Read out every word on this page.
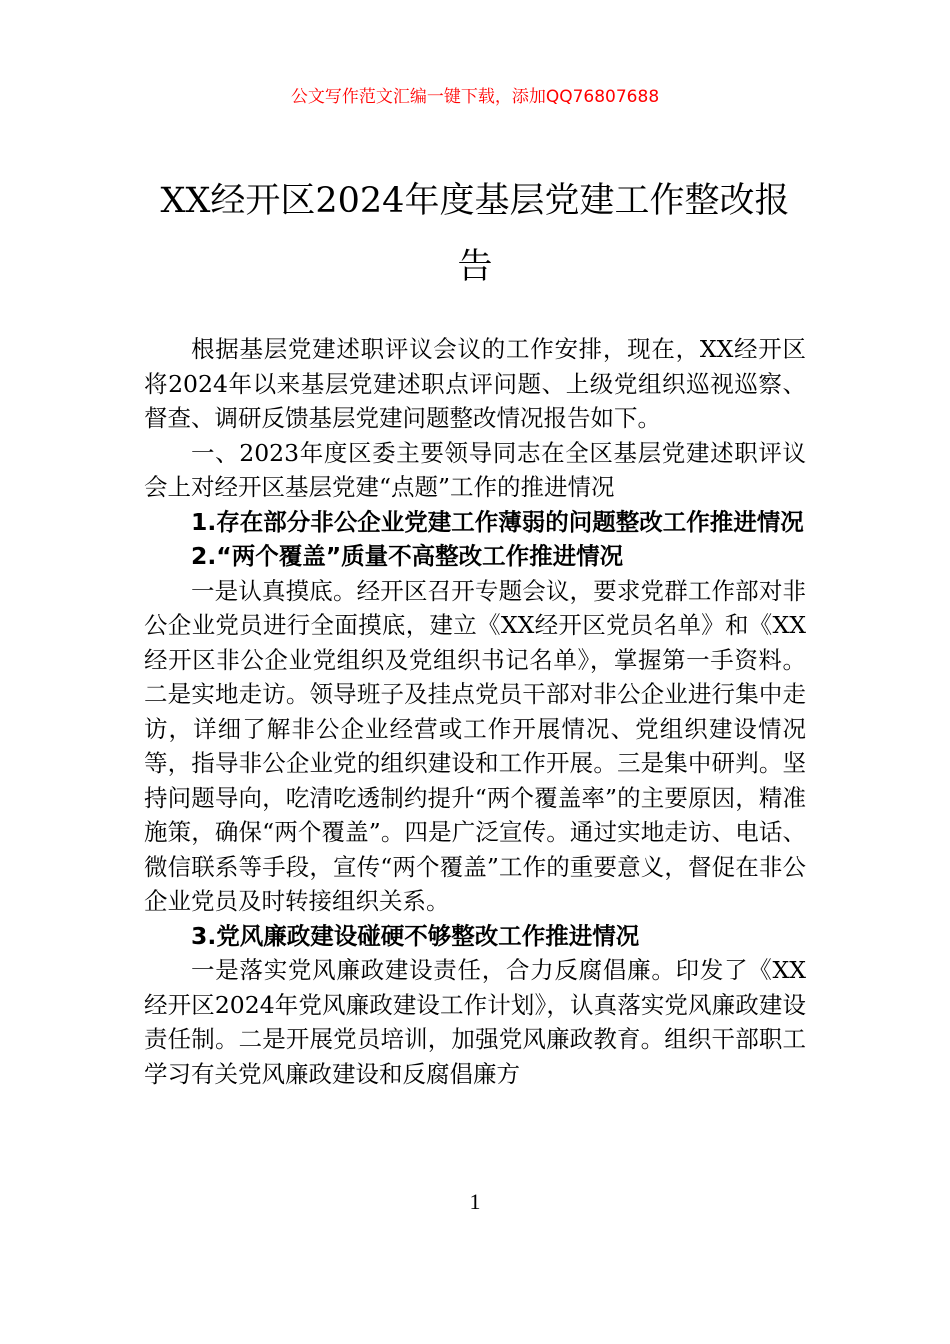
公文写作范文汇编一键下载，添加QQ76807688
XX经开区2024年度基层党建工作整改报告

根据基层党建述职评议会议的工作安排，现在，XX经开区将2024年以来基层党建述职点评问题、上级党组织巡视巡察、督查、调研反馈基层党建问题整改情况报告如下。

一、2023年度区委主要领导同志在全区基层党建述职评议会上对经开区基层党建“点题”工作的推进情况

1.存在部分非公企业党建工作薄弱的问题整改工作推进情况

2.“两个覆盖”质量不高整改工作推进情况

一是认真摸底。经开区召开专题会议，要求党群工作部对非公企业党员进行全面摸底，建立《XX经开区党员名单》和《XX经开区非公企业党组织及党组织书记名单》，掌握第一手资料。二是实地走访。领导班子及挂点党员干部对非公企业进行集中走访，详细了解非公企业经营或工作开展情况、党组织建设情况等，指导非公企业党的组织建设和工作开展。三是集中研判。坚持问题导向，吃清吃透制约提升“两个覆盖率”的主要原因，精准施策，确保“两个覆盖”。四是广泛宣传。通过实地走访、电话、微信联系等手段，宣传“两个覆盖”工作的重要意义，督促在非公企业党员及时转接组织关系。

3.党风廉政建设碰硬不够整改工作推进情况

一是落实党风廉政建设责任，合力反腐倡廉。印发了《XX经开区2024年党风廉政建设工作计划》，认真落实党风廉政建设责任制。二是开展党员培训，加强党风廉政教育。组织干部职工学习有关党风廉政建设和反腐倡廉方

1
